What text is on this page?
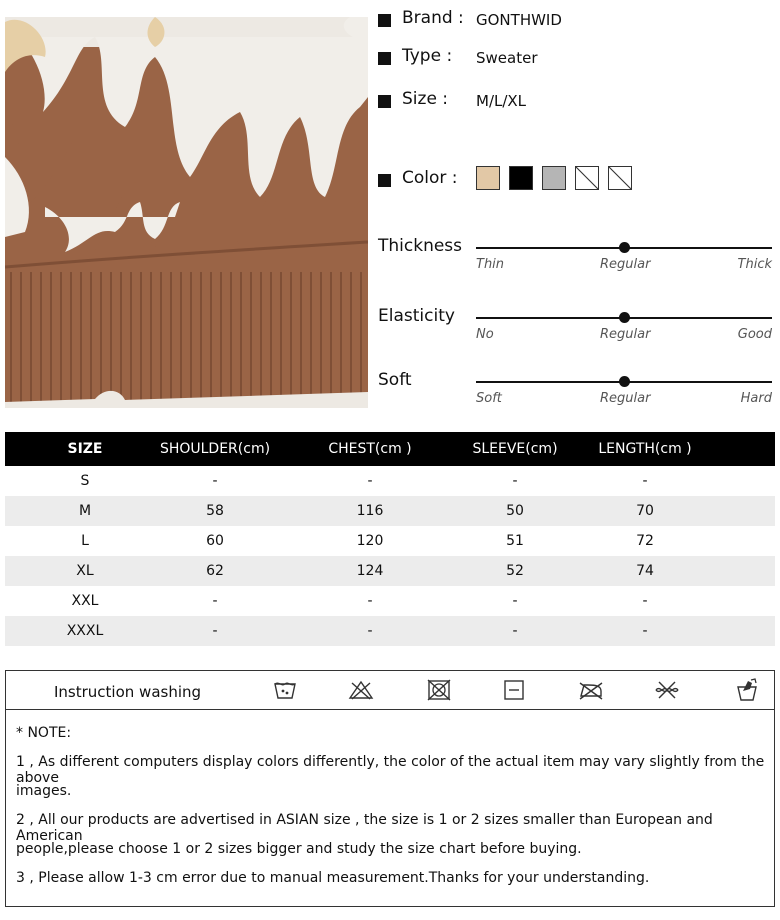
Brand : GONTHWID
Type : Sweater
Size : M/L/XL
Color :
Thickness
Thin	Regular	Thick
Elasticity
No	Regular	Good
Soft
Soft	Regular	Hard
SIZE	SHOULDER(cm)	CHEST(cm )	SLEEVE(cm)	LENGTH(cm )
S	-	-	-	-
M	58	116	50	70
L	60	120	51	72
XL	62	124	52	74
XXL	-	-	-	-
XXXL	-	-	-	-
Instruction washing

* NOTE:

1 , As different computers display colors differently, the color of the actual item may vary slightly from the above

images.

2 , All our products are advertised in ASIAN size , the size is 1 or 2 sizes smaller than European and American

people,please choose 1 or 2 sizes bigger and study the size chart before buying.

3 , Please allow 1-3 cm error due to manual measurement.Thanks for your understanding.
